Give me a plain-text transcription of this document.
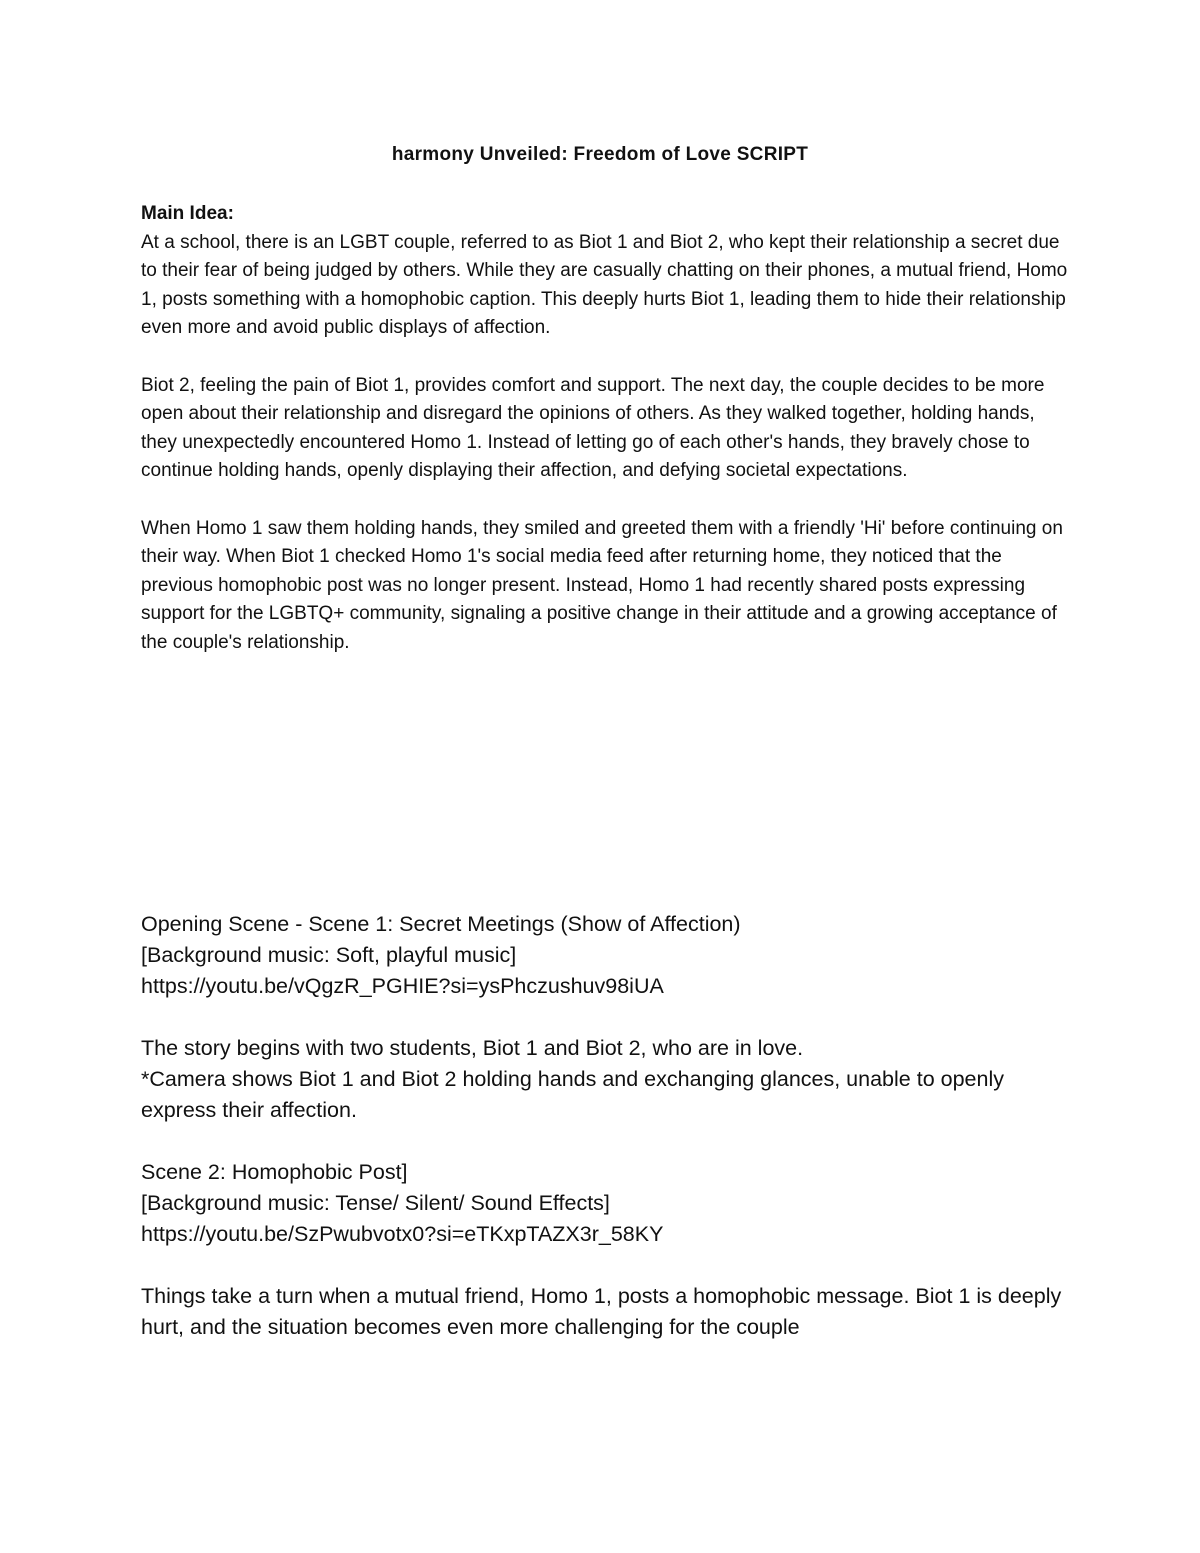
harmony Unveiled: Freedom of Love SCRIPT
Main Idea:

At a school, there is an LGBT couple, referred to as Biot 1 and Biot 2, who kept their relationship a secret due to their fear of being judged by others. While they are casually chatting on their phones, a mutual friend, Homo 1, posts something with a homophobic caption. This deeply hurts Biot 1, leading them to hide their relationship even more and avoid public displays of affection.

Biot 2, feeling the pain of Biot 1, provides comfort and support. The next day, the couple decides to be more open about their relationship and disregard the opinions of others. As they walked together, holding hands, they unexpectedly encountered Homo 1. Instead of letting go of each other's hands, they bravely chose to continue holding hands, openly displaying their affection, and defying societal expectations.

When Homo 1 saw them holding hands, they smiled and greeted them with a friendly 'Hi' before continuing on their way. When Biot 1 checked Homo 1's social media feed after returning home, they noticed that the previous homophobic post was no longer present. Instead, Homo 1 had recently shared posts expressing support for the LGBTQ+ community, signaling a positive change in their attitude and a growing acceptance of the couple's relationship.

Opening Scene - Scene 1: Secret Meetings (Show of Affection)
[Background music: Soft, playful music]
https://youtu.be/vQgzR_PGHIE?si=ysPhczushuv98iUA
The story begins with two students, Biot 1 and Biot 2, who are in love.
*Camera shows Biot 1 and Biot 2 holding hands and exchanging glances, unable to openly express their affection.
Scene 2: Homophobic Post]
[Background music: Tense/ Silent/ Sound Effects]
https://youtu.be/SzPwubvotx0?si=eTKxpTAZX3r_58KY
Things take a turn when a mutual friend, Homo 1, posts a homophobic message. Biot 1 is deeply hurt, and the situation becomes even more challenging for the couple
